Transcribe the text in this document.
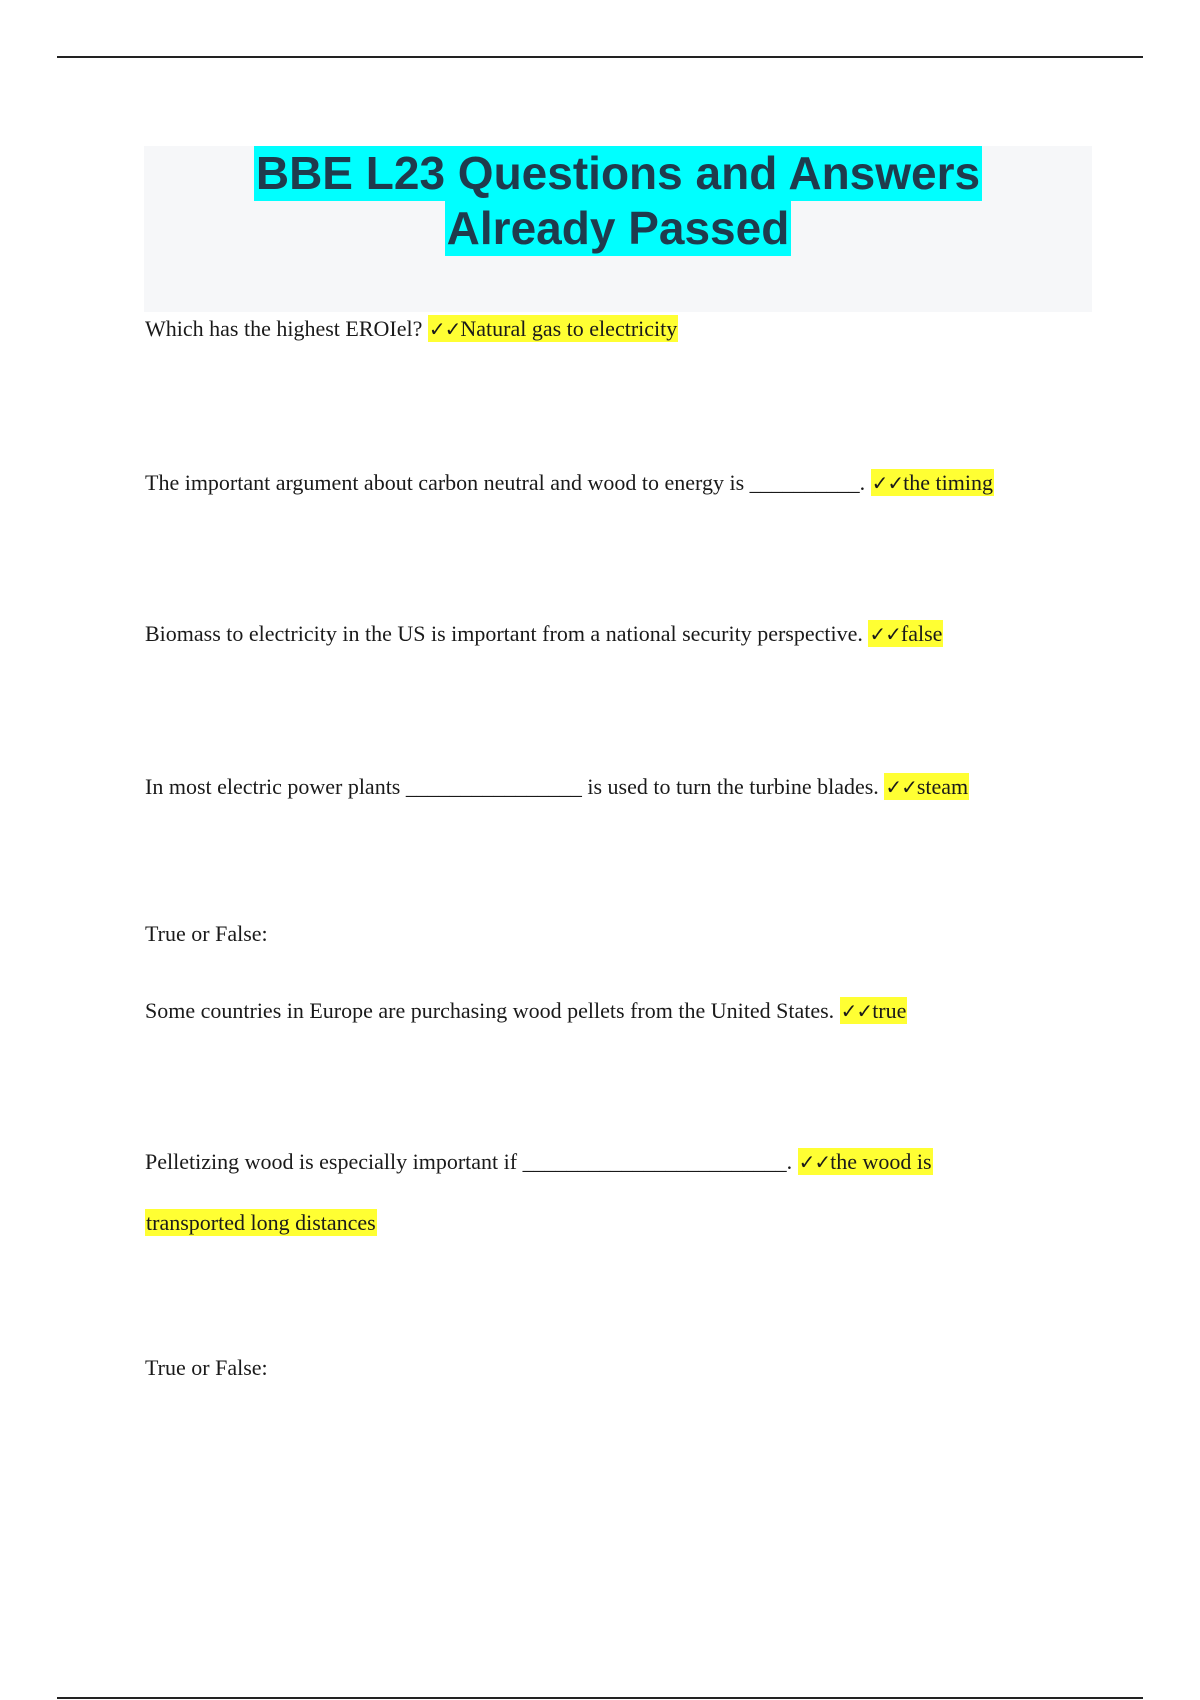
BBE L23 Questions and Answers
Already Passed
Which has the highest EROIel? ✓✓Natural gas to electricity
The important argument about carbon neutral and wood to energy is __________. ✓✓the timing
Biomass to electricity in the US is important from a national security perspective. ✓✓false
In most electric power plants ________________ is used to turn the turbine blades. ✓✓steam
True or False:
Some countries in Europe are purchasing wood pellets from the United States. ✓✓true
Pelletizing wood is especially important if ________________________. ✓✓the wood is
transported long distances
True or False:
